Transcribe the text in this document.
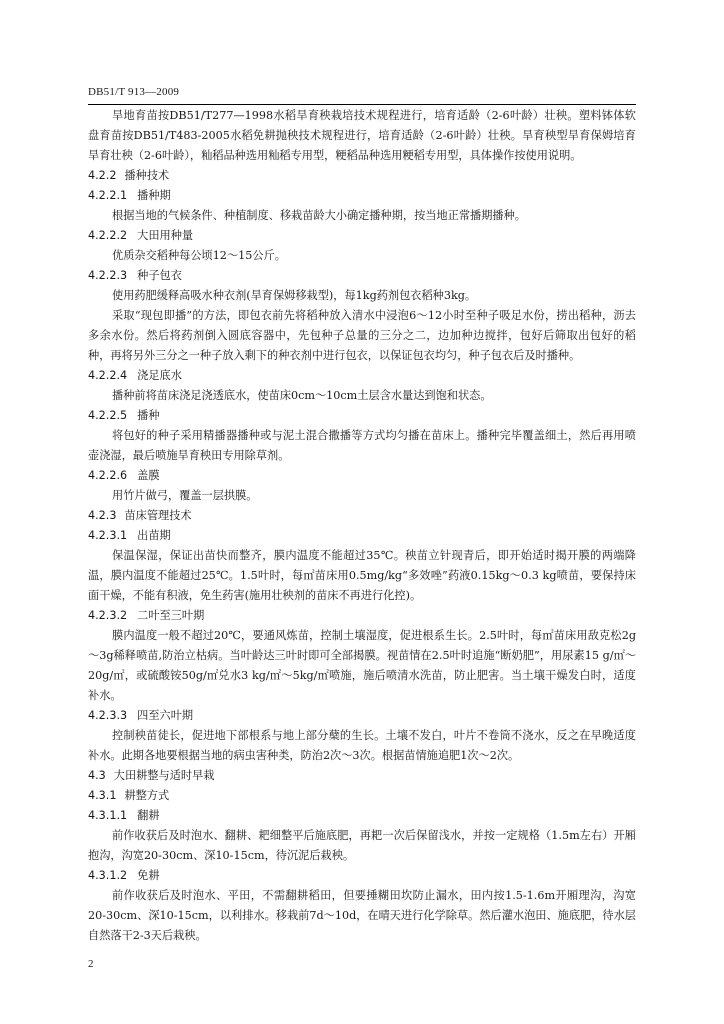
DB51/T 913—2009

旱地育苗按DB51/T277—1998水稻旱育秧栽培技术规程进行，培育适龄（2-6叶龄）壮秧。塑料钵体软盘育苗按DB51/T483-2005水稻免耕抛秧技术规程进行，培育适龄（2-6叶龄）壮秧。旱育秧型旱育保姆培育旱育壮秧（2-6叶龄），籼稻品种选用籼稻专用型，粳稻品种选用粳稻专用型，具体操作按使用说明。

4.2.2 播种技术
4.2.2.1 播种期

根据当地的气候条件、种植制度、移栽苗龄大小确定播种期，按当地正常播期播种。

4.2.2.2 大田用种量

优质杂交稻种每公顷12～15公斤。

4.2.2.3 种子包衣

使用药肥缓释高吸水种衣剂(旱育保姆移栽型)，每1kg药剂包衣稻种3kg。

采取“现包即播”的方法，即包衣前先将稻种放入清水中浸泡6～12小时至种子吸足水份，捞出稻种，沥去多余水份。然后将药剂倒入圆底容器中，先包种子总量的三分之二，边加种边搅拌，包好后筛取出包好的稻种，再将另外三分之一种子放入剩下的种衣剂中进行包衣，以保证包衣均匀，种子包衣后及时播种。

4.2.2.4 浇足底水

播种前将苗床浇足浇透底水，使苗床0cm～10cm土层含水量达到饱和状态。

4.2.2.5 播种

将包好的种子采用精播器播种或与泥土混合撒播等方式均匀播在苗床上。播种完毕覆盖细土，然后再用喷壶浇湿，最后喷施旱育秧田专用除草剂。

4.2.2.6 盖膜

用竹片做弓，覆盖一层拱膜。

4.2.3 苗床管理技术
4.2.3.1 出苗期

保温保湿，保证出苗快而整齐，膜内温度不能超过35℃。秧苗立针现青后，即开始适时揭开膜的两端降温，膜内温度不能超过25℃。1.5叶时，每㎡苗床用0.5mg/kg“多效唑”药液0.15kg～0.3 kg喷苗，要保持床面干燥，不能有积液，免生药害(施用壮秧剂的苗床不再进行化控)。

4.2.3.2 二叶至三叶期

膜内温度一般不超过20℃，要通风炼苗，控制土壤湿度，促进根系生长。2.5叶时，每㎡苗床用敌克松2g～3g稀释喷苗,防治立枯病。当叶龄达三叶时即可全部揭膜。视苗情在2.5叶时追施“断奶肥”，用尿素15 g/㎡～20g/㎡，或硫酸铵50g/㎡兑水3 kg/㎡～5kg/㎡喷施，施后喷清水洗苗，防止肥害。当土壤干燥发白时，适度补水。

4.2.3.3 四至六叶期

控制秧苗徒长，促进地下部根系与地上部分蘖的生长。土壤不发白，叶片不卷筒不浇水，反之在早晚适度补水。此期各地要根据当地的病虫害种类，防治2次～3次。根据苗情施追肥1次～2次。

4.3 大田耕整与适时早栽
4.3.1 耕整方式
4.3.1.1 翻耕

前作收获后及时泡水、翻耕、耙细整平后施底肥，再耙一次后保留浅水，并按一定规格（1.5m左右）开厢抱沟，沟宽20-30cm、深10-15cm，待沉泥后栽秧。

4.3.1.2 免耕

前作收获后及时泡水、平田，不需翻耕稻田，但要捶糊田坎防止漏水，田内按1.5-1.6m开厢理沟，沟宽20-30cm、深10-15cm，以利排水。移栽前7d～10d，在晴天进行化学除草。然后灌水泡田、施底肥，待水层自然落干2-3天后栽秧。

2
